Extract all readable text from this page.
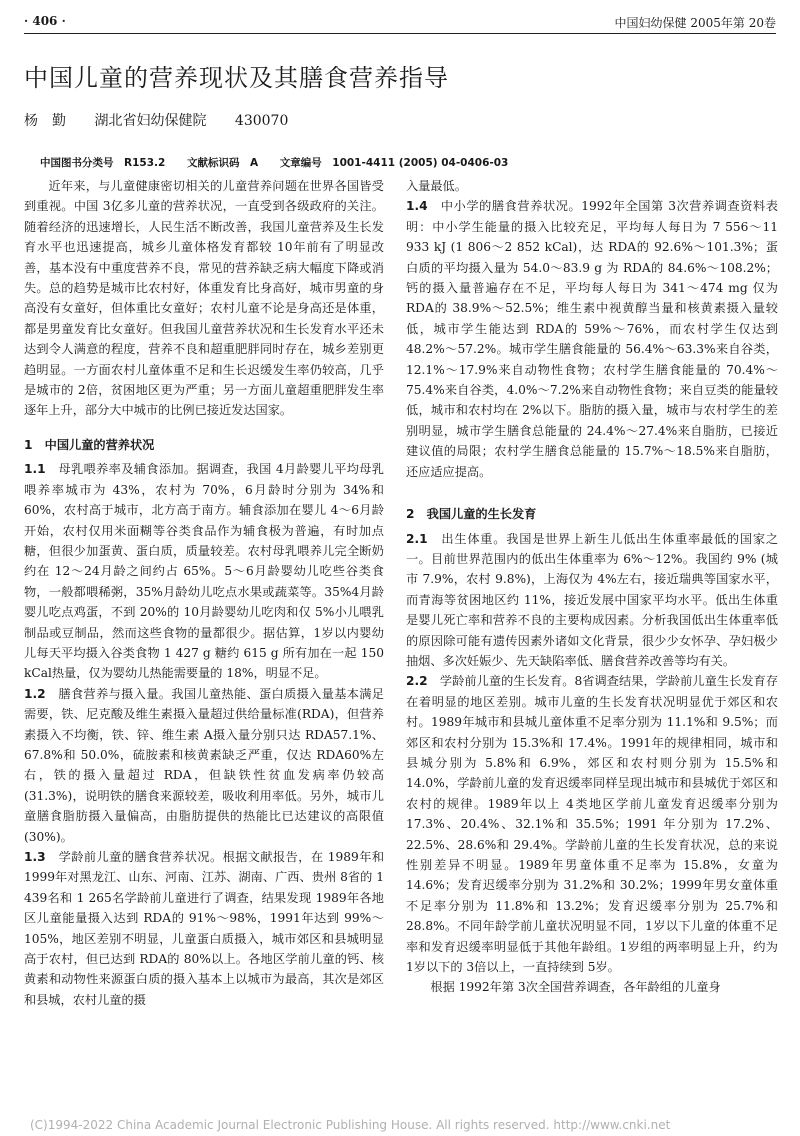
· 406 ·	中国妇幼保健 2005年第 20卷
中国儿童的营养现状及其膳食营养指导
杨　勤 湖北省妇幼保健院 430070
中国图书分类号　R153.2 文献标识码　A 文章编号　1001-4411 (2005) 04-0406-03

近年来，与儿童健康密切相关的儿童营养问题在世界各国皆受到重视。中国 3亿多儿童的营养状况，一直受到各级政府的关注。随着经济的迅速增长，人民生活不断改善，我国儿童营养及生长发育水平也迅速提高，城乡儿童体格发育都较 10年前有了明显改善，基本没有中重度营养不良，常见的营养缺乏病大幅度下降或消失。总的趋势是城市比农村好，体重发育比身高好，城市男童的身高没有女童好，但体重比女童好；农村儿童不论是身高还是体重，都是男童发育比女童好。但我国儿童营养状况和生长发育水平还未达到令人满意的程度，营养不良和超重肥胖同时存在，城乡差别更趋明显。一方面农村儿童体重不足和生长迟缓发生率仍较高，几乎是城市的 2倍，贫困地区更为严重；另一方面儿童超重肥胖发生率逐年上升，部分大中城市的比例已接近发达国家。

1　中国儿童的营养状况

1.1　 母乳喂养率及辅食添加。据调查，我国 4月龄婴儿平均母乳喂养率城市为 43%，农村为 70%，6月龄时分别为 34%和 60%，农村高于城市，北方高于南方。辅食添加在婴儿 4～6月龄开始，农村仅用米面糊等谷类食品作为辅食极为普遍，有时加点糖，但很少加蛋黄、蛋白质，质量较差。农村母乳喂养儿完全断奶约在 12～24月龄之间约占 65%。5～6月龄婴幼儿吃些谷类食物，一般都喂稀粥，35%月龄幼儿吃点水果或蔬菜等。35%4月龄婴儿吃点鸡蛋，不到 20%的 10月龄婴幼儿吃肉和仅 5%小儿喂乳制品或豆制品，然而这些食物的量都很少。据估算，1岁以内婴幼儿每天平均摄入谷类食物 1 427 g 糖约 615 g 所有加在一起 150 kCal热量，仅为婴幼儿热能需要量的 18%，明显不足。

1.2　 膳食营养与摄入量。我国儿童热能、蛋白质摄入量基本满足需要，铁、尼克酸及维生素摄入量超过供给量标准(RDA)，但营养素摄入不均衡，铁、锌、维生素 A摄入量分别只达 RDA57.1%、67.8%和 50.0%，硫胺素和核黄素缺乏严重，仅达 RDA60%左右，铁的摄入量超过 RDA，但缺铁性贫血发病率仍较高 (31.3%)，说明铁的膳食来源较差，吸收利用率低。另外，城市儿童膳食脂肪摄入量偏高，由脂肪提供的热能比已达建议的高限值 (30%)。

1.3　 学龄前儿童的膳食营养状况。根据文献报告，在 1989年和 1999年对黑龙江、山东、河南、江苏、湖南、广西、贵州 8省的 1 439名和 1 265名学龄前儿童进行了调查，结果发现 1989年各地区儿童能量摄入达到 RDA的 91%～98%，1991年达到 99%～105%，地区差别不明显，儿童蛋白质摄入，城市郊区和县城明显高于农村，但已达到 RDA的 80%以上。各地区学前儿童的钙、核黄素和动物性来源蛋白质的摄入基本上以城市为最高，其次是郊区和县城，农村儿童的摄

入量最低。

1.4　 中小学的膳食营养状况。1992年全国第 3次营养调查资料表明：中小学生能量的摄入比较充足，平均每人每日为 7 556～11 933 kJ (1 806～2 852 kCal)，达 RDA的 92.6%～101.3%；蛋白质的平均摄入量为 54.0～83.9 g 为 RDA的 84.6%～108.2%；钙的摄入量普遍存在不足，平均每人每日为 341～474 mg 仅为 RDA的 38.9%～52.5%；维生素中视黄醇当量和核黄素摄入量较低，城市学生能达到 RDA的 59%～76%，而农村学生仅达到 48.2%～57.2%。城市学生膳食能量的 56.4%～63.3%来自谷类，12.1%～17.9%来自动物性食物；农村学生膳食能量的 70.4%～75.4%来自谷类，4.0%～7.2%来自动物性食物；来自豆类的能量较低，城市和农村均在 2%以下。脂肪的摄入量，城市与农村学生的差别明显，城市学生膳食总能量的 24.4%～27.4%来自脂肪，已接近建议值的局限；农村学生膳食总能量的 15.7%～18.5%来自脂肪，还应适应提高。

2　我国儿童的生长发育

2.1　 出生体重。我国是世界上新生儿低出生体重率最低的国家之一。目前世界范围内的低出生体重率为 6%～12%。我国约 9% (城市 7.9%，农村 9.8%)，上海仅为 4%左右，接近瑞典等国家水平，而青海等贫困地区约 11%，接近发展中国家平均水平。低出生体重是婴儿死亡率和营养不良的主要构成因素。分析我国低出生体重率低的原因除可能有遗传因素外诸如文化背景，很少少女怀孕、孕妇极少抽烟、多次妊娠少、先天缺陷率低、膳食营养改善等均有关。

2.2　 学龄前儿童的生长发育。8省调查结果，学龄前儿童生长发育存在着明显的地区差别。城市儿童的生长发育状况明显优于郊区和农村。1989年城市和县城儿童体重不足率分别为 11.1%和 9.5%；而郊区和农村分别为 15.3%和 17.4%。1991年的规律相同，城市和县城分别为 5.8%和 6.9%，郊区和农村则分别为 15.5%和 14.0%，学龄前儿童的发育迟缓率同样呈现出城市和县城优于郊区和农村的规律。1989年以上 4类地区学前儿童发育迟缓率分别为 17.3%、20.4%、32.1%和 35.5%；1991 年分别为 17.2%、22.5%、28.6%和 29.4%。学龄前儿童的生长发育状况，总的来说性别差异不明显。1989年男童体重不足率为 15.8%，女童为 14.6%；发育迟缓率分别为 31.2%和 30.2%；1999年男女童体重不足率分别为 11.8%和 13.2%；发育迟缓率分别为 25.7%和 28.8%。不同年龄学前儿童状况明显不同，1岁以下儿童的体重不足率和发育迟缓率明显低于其他年龄组。1岁组的两率明显上升，约为 1岁以下的 3倍以上，一直持续到 5岁。

根据 1992年第 3次全国营养调查，各年龄组的儿童身

(C)1994-2022 China Academic Journal Electronic Publishing House. All rights reserved. http://www.cnki.net
